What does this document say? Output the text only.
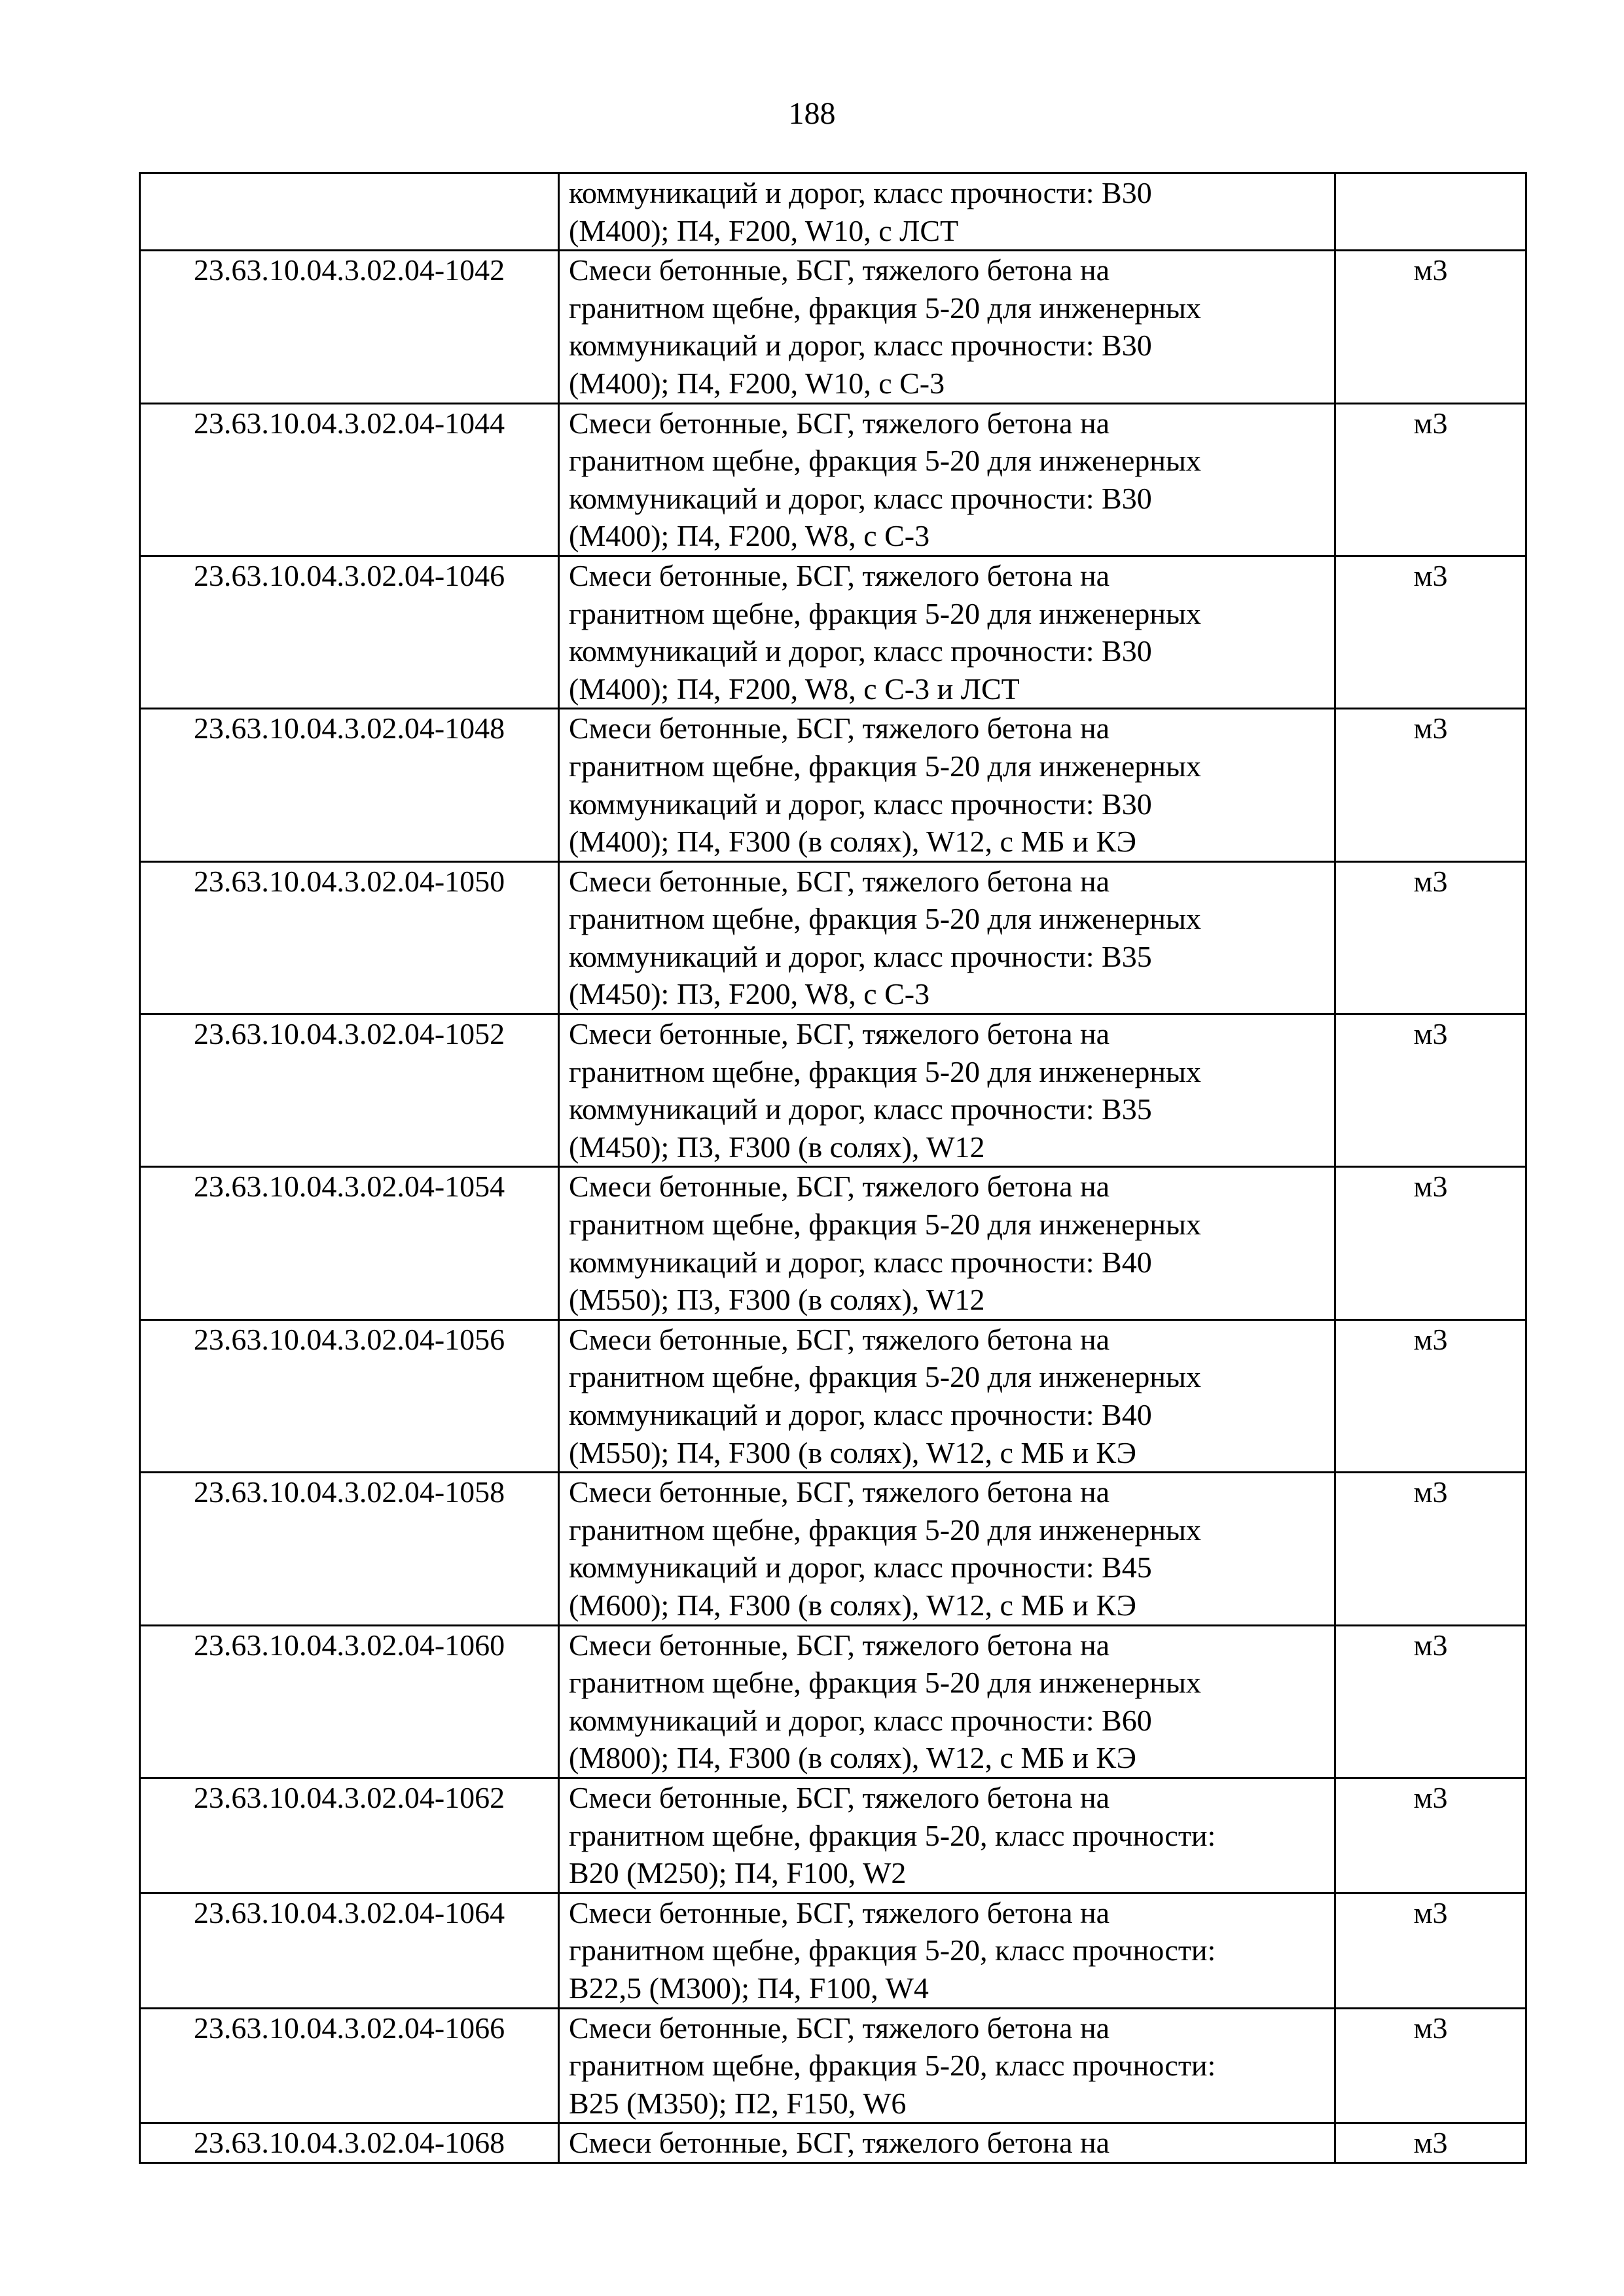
188
	коммуникаций и дорог, класс прочности: В30
(М400); П4, F200, W10, с ЛСТ	
23.63.10.04.3.02.04-1042	Смеси бетонные, БСГ, тяжелого бетона на
гранитном щебне, фракция 5-20 для инженерных
коммуникаций и дорог, класс прочности: В30
(М400); П4, F200, W10, с С-3	м3
23.63.10.04.3.02.04-1044	Смеси бетонные, БСГ, тяжелого бетона на
гранитном щебне, фракция 5-20 для инженерных
коммуникаций и дорог, класс прочности: В30
(М400); П4, F200, W8, с С-3	м3
23.63.10.04.3.02.04-1046	Смеси бетонные, БСГ, тяжелого бетона на
гранитном щебне, фракция 5-20 для инженерных
коммуникаций и дорог, класс прочности: В30
(М400); П4, F200, W8, с С-3 и ЛСТ	м3
23.63.10.04.3.02.04-1048	Смеси бетонные, БСГ, тяжелого бетона на
гранитном щебне, фракция 5-20 для инженерных
коммуникаций и дорог, класс прочности: В30
(М400); П4, F300 (в солях), W12, с МБ и КЭ	м3
23.63.10.04.3.02.04-1050	Смеси бетонные, БСГ, тяжелого бетона на
гранитном щебне, фракция 5-20 для инженерных
коммуникаций и дорог, класс прочности: В35
(М450): П3, F200, W8, с С-3	м3
23.63.10.04.3.02.04-1052	Смеси бетонные, БСГ, тяжелого бетона на
гранитном щебне, фракция 5-20 для инженерных
коммуникаций и дорог, класс прочности: В35
(М450); П3, F300 (в солях), W12	м3
23.63.10.04.3.02.04-1054	Смеси бетонные, БСГ, тяжелого бетона на
гранитном щебне, фракция 5-20 для инженерных
коммуникаций и дорог, класс прочности: В40
(М550); П3, F300 (в солях), W12	м3
23.63.10.04.3.02.04-1056	Смеси бетонные, БСГ, тяжелого бетона на
гранитном щебне, фракция 5-20 для инженерных
коммуникаций и дорог, класс прочности: В40
(М550); П4, F300 (в солях), W12, с МБ и КЭ	м3
23.63.10.04.3.02.04-1058	Смеси бетонные, БСГ, тяжелого бетона на
гранитном щебне, фракция 5-20 для инженерных
коммуникаций и дорог, класс прочности: В45
(М600); П4, F300 (в солях), W12, с МБ и КЭ	м3
23.63.10.04.3.02.04-1060	Смеси бетонные, БСГ, тяжелого бетона на
гранитном щебне, фракция 5-20 для инженерных
коммуникаций и дорог, класс прочности: В60
(М800); П4, F300 (в солях), W12, с МБ и КЭ	м3
23.63.10.04.3.02.04-1062	Смеси бетонные, БСГ, тяжелого бетона на
гранитном щебне, фракция 5-20, класс прочности:
В20 (М250); П4, F100, W2	м3
23.63.10.04.3.02.04-1064	Смеси бетонные, БСГ, тяжелого бетона на
гранитном щебне, фракция 5-20, класс прочности:
В22,5 (М300); П4, F100, W4	м3
23.63.10.04.3.02.04-1066	Смеси бетонные, БСГ, тяжелого бетона на
гранитном щебне, фракция 5-20, класс прочности:
В25 (М350); П2, F150, W6	м3
23.63.10.04.3.02.04-1068	Смеси бетонные, БСГ, тяжелого бетона на	м3
